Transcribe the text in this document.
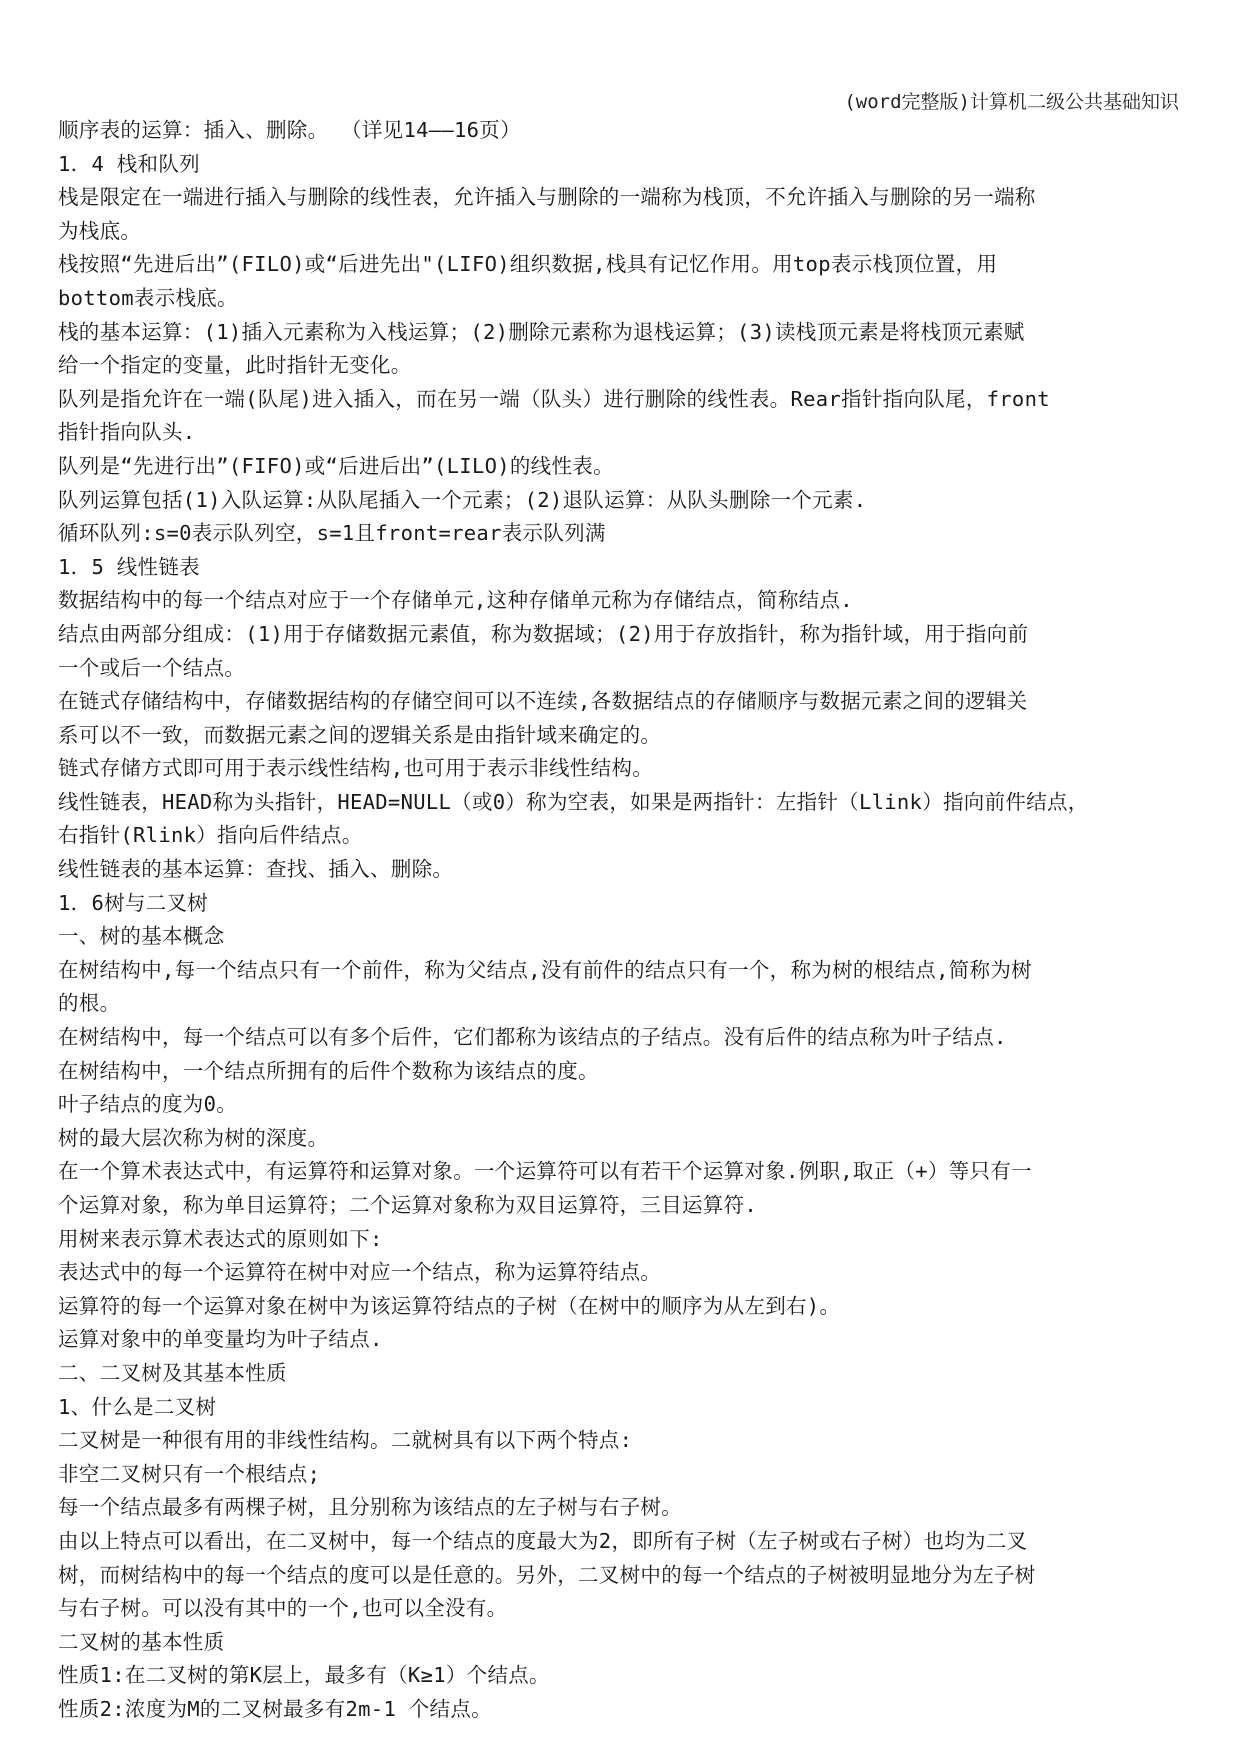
(word完整版)计算机二级公共基础知识
顺序表的运算：插入、删除。 （详见14——16页）
1．4 栈和队列
栈是限定在一端进行插入与删除的线性表，允许插入与删除的一端称为栈顶，不允许插入与删除的另一端称
为栈底。
栈按照“先进后出”(FILO)或“后进先出"(LIFO)组织数据,栈具有记忆作用。用top表示栈顶位置，用
bottom表示栈底。
栈的基本运算：(1)插入元素称为入栈运算；(2)删除元素称为退栈运算；(3)读栈顶元素是将栈顶元素赋
给一个指定的变量，此时指针无变化。
队列是指允许在一端(队尾)进入插入，而在另一端（队头）进行删除的线性表。Rear指针指向队尾，front
指针指向队头.
队列是“先进行出”(FIFO)或“后进后出”(LILO)的线性表。
队列运算包括(1)入队运算:从队尾插入一个元素；(2)退队运算：从队头删除一个元素.
循环队列:s=0表示队列空，s=1且front=rear表示队列满
1．5 线性链表
数据结构中的每一个结点对应于一个存储单元,这种存储单元称为存储结点，简称结点.
结点由两部分组成：(1)用于存储数据元素值，称为数据域；(2)用于存放指针，称为指针域，用于指向前
一个或后一个结点。
在链式存储结构中，存储数据结构的存储空间可以不连续,各数据结点的存储顺序与数据元素之间的逻辑关
系可以不一致，而数据元素之间的逻辑关系是由指针域来确定的。
链式存储方式即可用于表示线性结构,也可用于表示非线性结构。
线性链表，HEAD称为头指针，HEAD=NULL（或0）称为空表，如果是两指针：左指针（Llink）指向前件结点，
右指针(Rlink）指向后件结点。
线性链表的基本运算：查找、插入、删除。
1．6树与二叉树
一、树的基本概念
在树结构中,每一个结点只有一个前件，称为父结点,没有前件的结点只有一个，称为树的根结点,简称为树
的根。
在树结构中，每一个结点可以有多个后件，它们都称为该结点的子结点。没有后件的结点称为叶子结点.
在树结构中，一个结点所拥有的后件个数称为该结点的度。
叶子结点的度为0。
树的最大层次称为树的深度。
在一个算术表达式中，有运算符和运算对象。一个运算符可以有若干个运算对象.例职,取正（+）等只有一
个运算对象，称为单目运算符；二个运算对象称为双目运算符，三目运算符.
用树来表示算术表达式的原则如下:
表达式中的每一个运算符在树中对应一个结点，称为运算符结点。
运算符的每一个运算对象在树中为该运算符结点的子树（在树中的顺序为从左到右)。
运算对象中的单变量均为叶子结点.
二、二叉树及其基本性质
1、什么是二叉树
二叉树是一种很有用的非线性结构。二就树具有以下两个特点:
非空二叉树只有一个根结点;
每一个结点最多有两棵子树，且分别称为该结点的左子树与右子树。
由以上特点可以看出，在二叉树中，每一个结点的度最大为2，即所有子树（左子树或右子树）也均为二叉
树，而树结构中的每一个结点的度可以是任意的。另外，二叉树中的每一个结点的子树被明显地分为左子树
与右子树。可以没有其中的一个,也可以全没有。
二叉树的基本性质
性质1:在二叉树的第K层上，最多有（K≥1）个结点。
性质2:浓度为M的二叉树最多有2m-1 个结点。
